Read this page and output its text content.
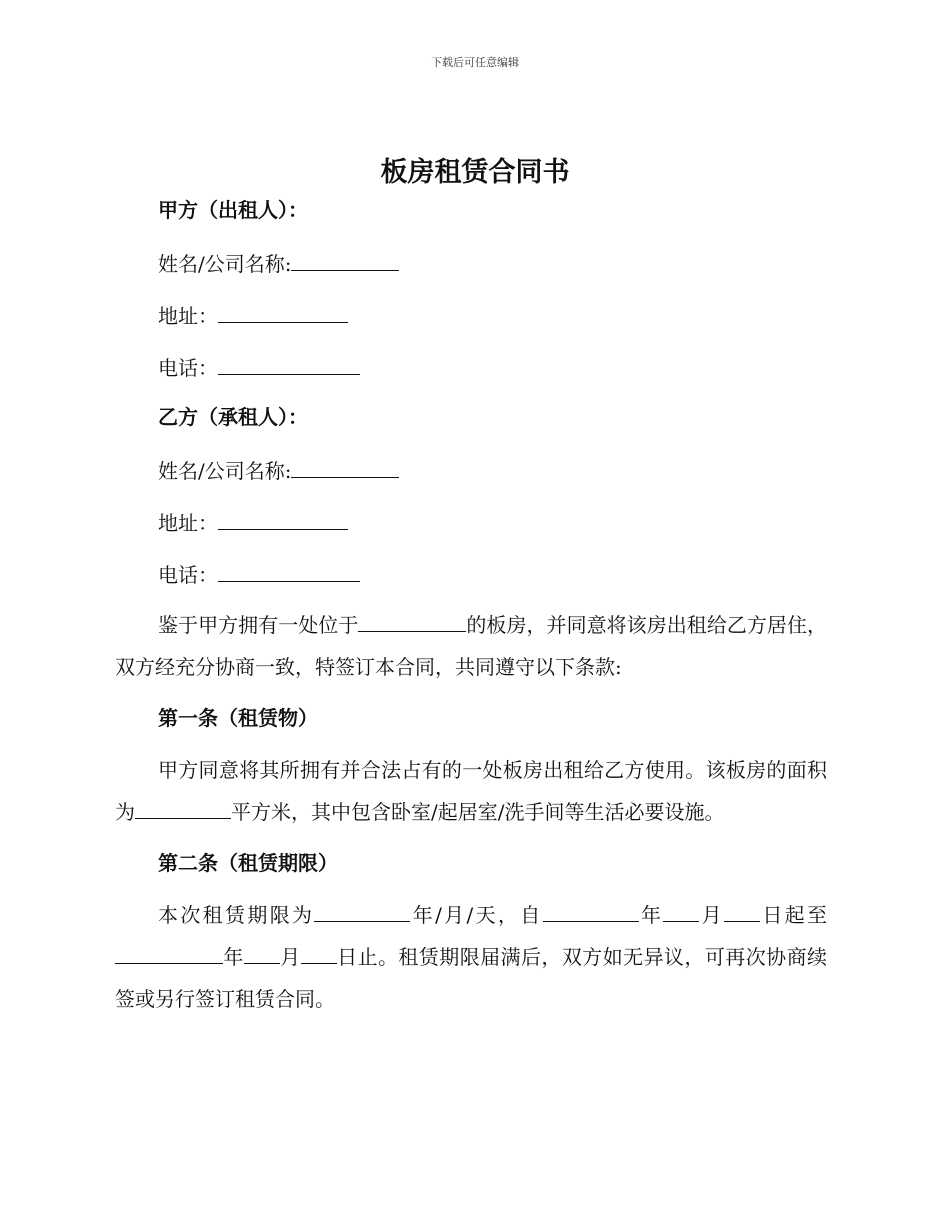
下载后可任意编辑
板房租赁合同书
甲方（出租人）：
姓名/公司名称:
地址：
电话：
乙方（承租人）：
姓名/公司名称:
地址：
电话：
鉴于甲方拥有一处位于	的板房，并同意将该房出租给乙方居住，双方经充分协商一致，特签订本合同，共同遵守以下条款:
第一条（租赁物）
甲方同意将其所拥有并合法占有的一处板房出租给乙方使用。该板房的面积为	平方米，其中包含卧室/起居室/洗手间等生活必要设施。
第二条（租赁期限）
本次租赁期限为	年/月/天，自	年 月 日起至年 月 日止。租赁期限届满后，双方如无异议，可再次协商续签或另行签订租赁合同。
